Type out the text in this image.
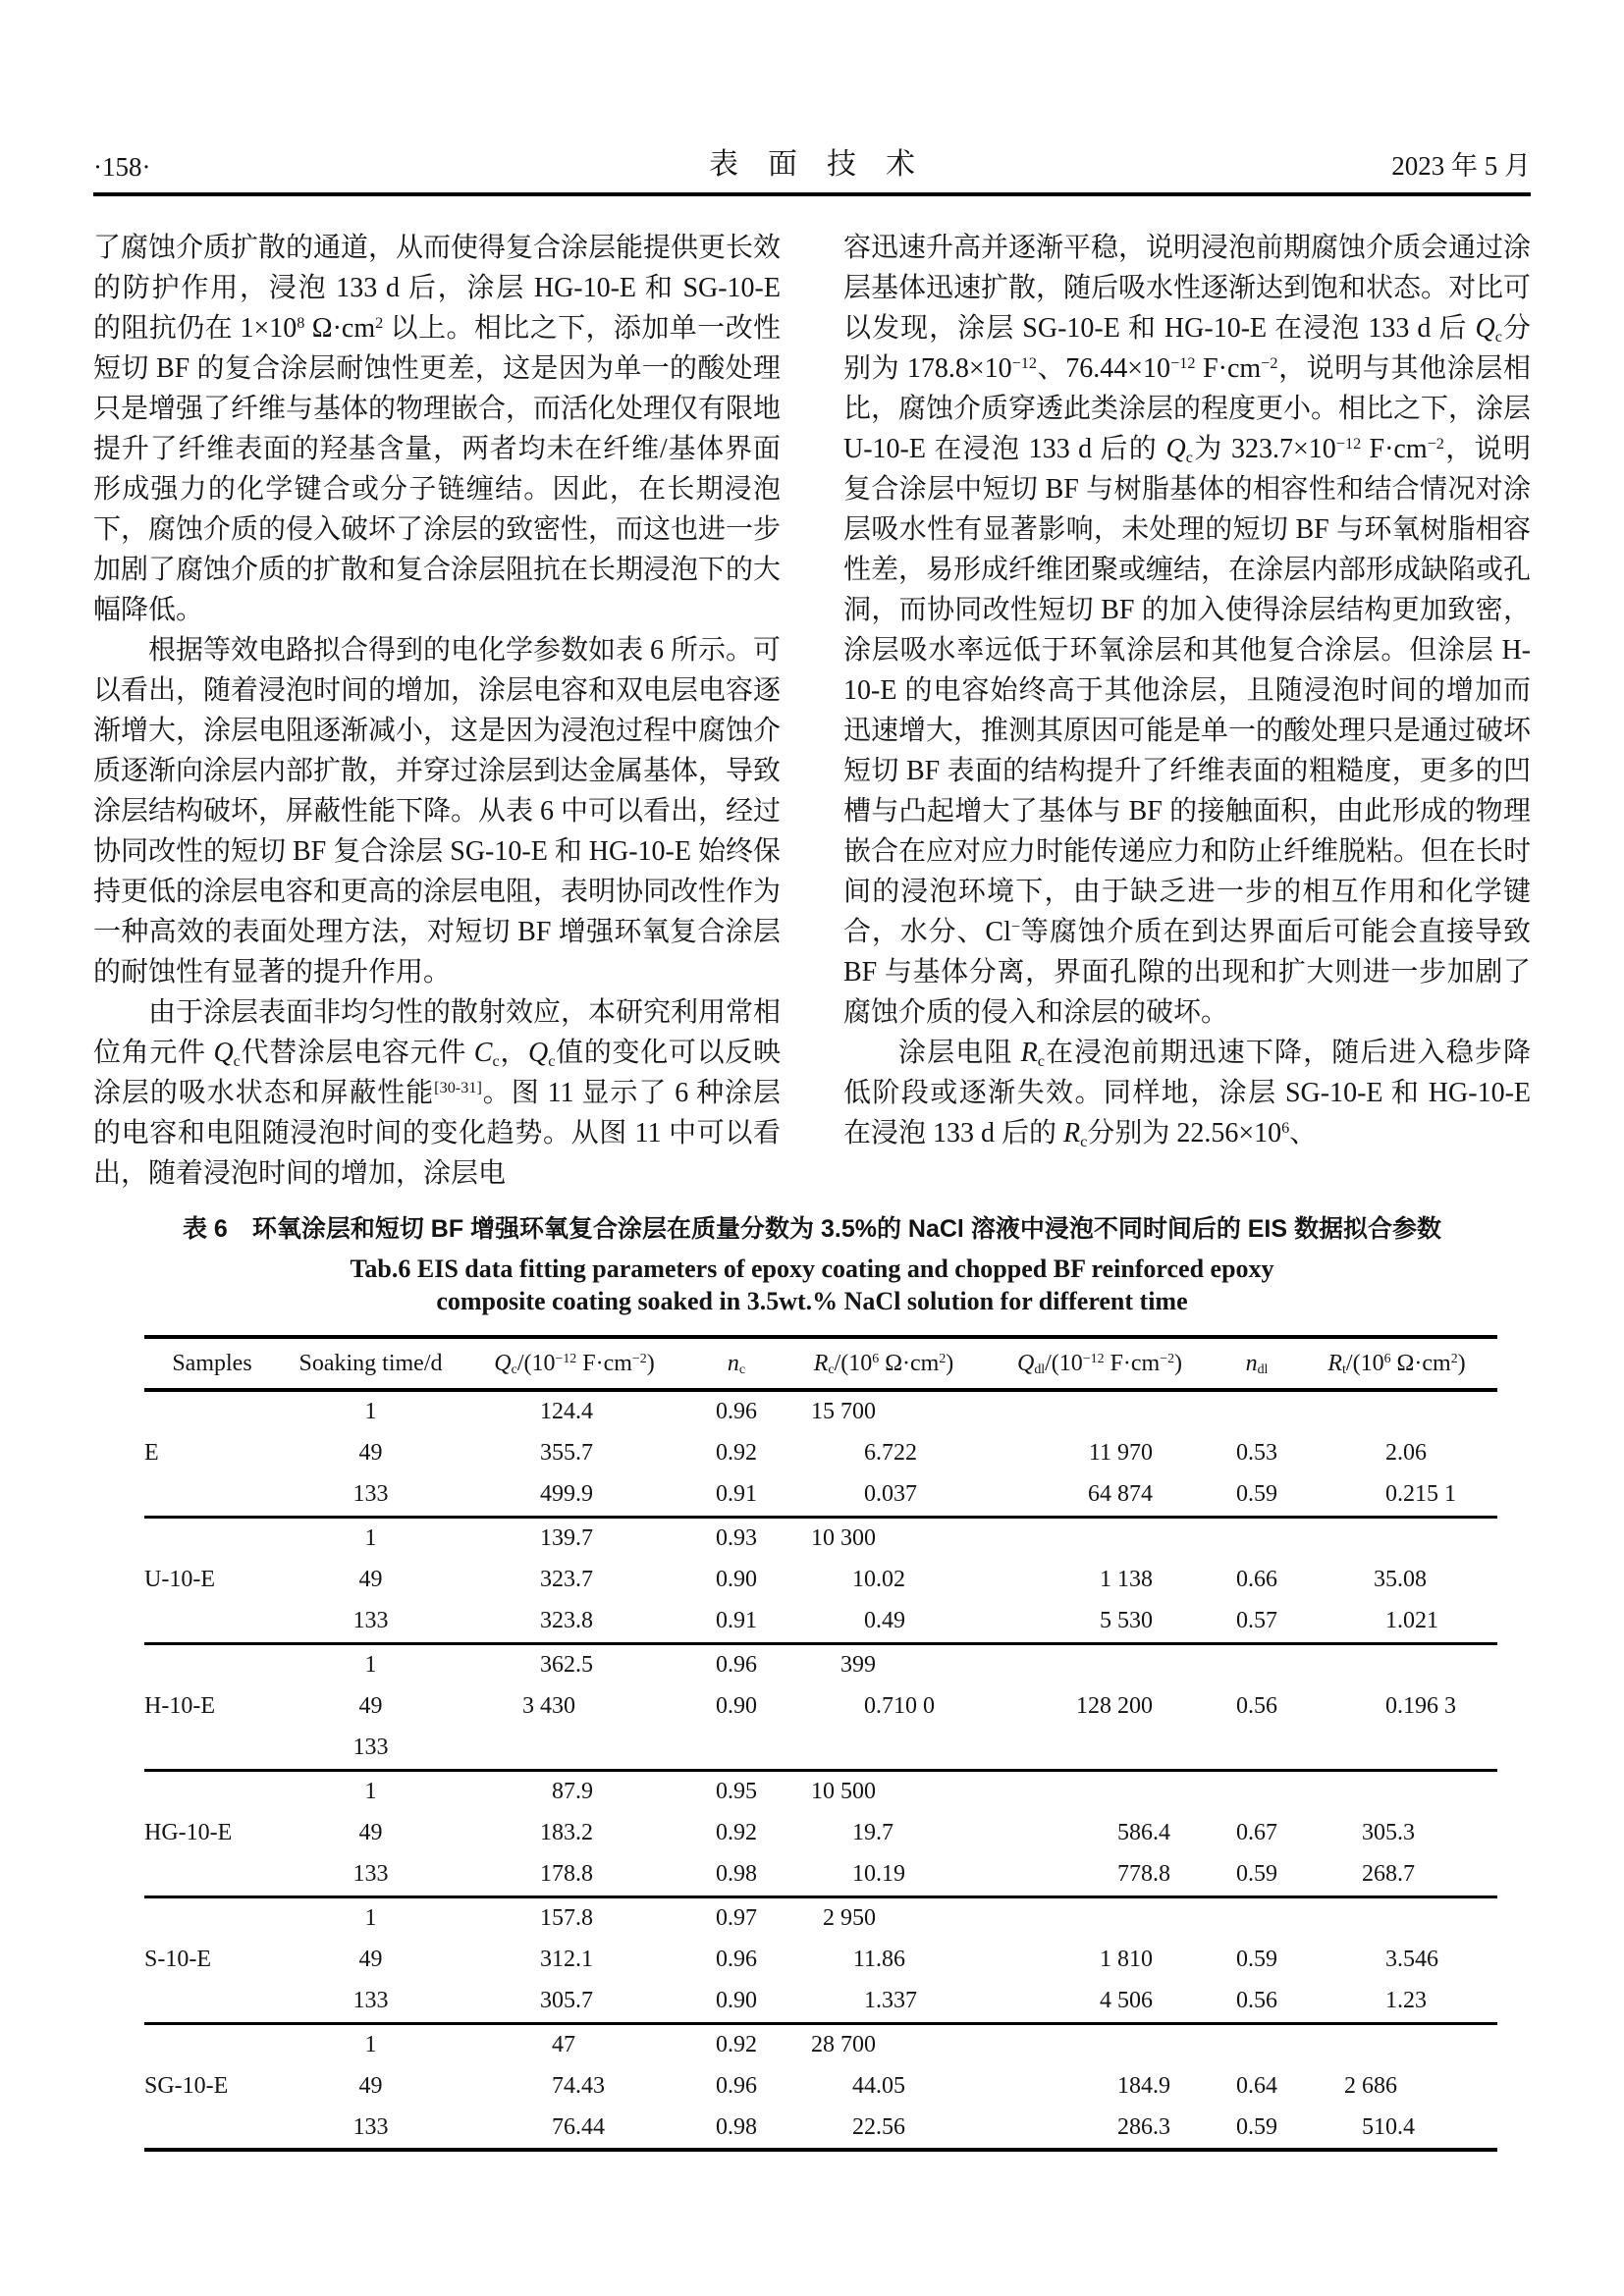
·158·	表　面　技　术	2023 年 5 月

了腐蚀介质扩散的通道，从而使得复合涂层能提供更长效的防护作用，浸泡 133 d 后，涂层 HG-10-E 和 SG-10-E 的阻抗仍在 $1\times 10^8$ $\Omega\cdot cm^2$ 以上。相比之下，添加单一改性短切 BF 的复合涂层耐蚀性更差，这是因为单一的酸处理只是增强了纤维与基体的物理嵌合，而活化处理仅有限地提升了纤维表面的羟基含量，两者均未在纤维/基体界面形成强力的化学键合或分子链缠结。因此，在长期浸泡下，腐蚀介质的侵入破坏了涂层的致密性，而这也进一步加剧了腐蚀介质的扩散和复合涂层阻抗在长期浸泡下的大幅降低。

根据等效电路拟合得到的电化学参数如表 6 所示。可以看出，随着浸泡时间的增加，涂层电容和双电层电容逐渐增大，涂层电阻逐渐减小，这是因为浸泡过程中腐蚀介质逐渐向涂层内部扩散，并穿过涂层到达金属基体，导致涂层结构破坏，屏蔽性能下降。从表 6 中可以看出，经过协同改性的短切 BF 复合涂层 SG-10-E 和 HG-10-E 始终保持更低的涂层电容和更高的涂层电阻，表明协同改性作为一种高效的表面处理方法，对短切 BF 增强环氧复合涂层的耐蚀性有显著的提升作用。

由于涂层表面非均匀性的散射效应，本研究利用常相位角元件 $Q_c$代替涂层电容元件 $C_c$，$Q_c$值的变化可以反映涂层的吸水状态和屏蔽性能[30-31]。图 11 显示了 6 种涂层的电容和电阻随浸泡时间的变化趋势。从图 11 中可以看出，随着浸泡时间的增加，涂层电

容迅速升高并逐渐平稳，说明浸泡前期腐蚀介质会通过涂层基体迅速扩散，随后吸水性逐渐达到饱和状态。对比可以发现，涂层 SG-10-E 和 HG-10-E 在浸泡 133 d 后 $Q_c$分别为 $178.8\times 10^{-12}$、$76.44\times 10^{-12}$ $F\cdot cm^{-2}$，说明与其他涂层相比，腐蚀介质穿透此类涂层的程度更小。相比之下，涂层 U-10-E 在浸泡 133 d 后的 $Q_c$为 $323.7\times 10^{-12}$ $F\cdot cm^{-2}$，说明复合涂层中短切 BF 与树脂基体的相容性和结合情况对涂层吸水性有显著影响，未处理的短切 BF 与环氧树脂相容性差，易形成纤维团聚或缠结，在涂层内部形成缺陷或孔洞，而协同改性短切 BF 的加入使得涂层结构更加致密，涂层吸水率远低于环氧涂层和其他复合涂层。但涂层 H-10-E 的电容始终高于其他涂层，且随浸泡时间的增加而迅速增大，推测其原因可能是单一的酸处理只是通过破坏短切 BF 表面的结构提升了纤维表面的粗糙度，更多的凹槽与凸起增大了基体与 BF 的接触面积，由此形成的物理嵌合在应对应力时能传递应力和防止纤维脱粘。但在长时间的浸泡环境下，由于缺乏进一步的相互作用和化学键合，水分、Cl−等腐蚀介质在到达界面后可能会直接导致 BF 与基体分离，界面孔隙的出现和扩大则进一步加剧了腐蚀介质的侵入和涂层的破坏。

涂层电阻 $R_c$在浸泡前期迅速下降，随后进入稳步降低阶段或逐渐失效。同样地，涂层 SG-10-E 和 HG-10-E 在浸泡 133 d 后的 $R_c$分别为 $22.56\times 10^6$、

表 6　环氧涂层和短切 BF 增强环氧复合涂层在质量分数为 3.5%的 NaCl 溶液中浸泡不同时间后的 EIS 数据拟合参数
Tab.6 EIS data fitting parameters of epoxy coating and chopped BF reinforced epoxy
composite coating soaked in 3.5wt.% NaCl solution for different time
Samples	Soaking time/d	$Q_c/(10^{-12}$ $F\cdot cm^{-2}$)	$n_c$	$R_c/(10^6$ $\Omega\cdot cm^2$)	$Q_{dl}/(10^{-12}$ $F\cdot cm^{-2}$)	$n_{dl}$	$R_t/(10^6$ $\Omega\cdot cm^2$)
	1	124 .4	0.96	15 700			

E	49	355 .7	0.92	6 .722	11 970	0.53	2 .06

	133	499 .9	0.91	0 .037	64 874	0.59	0 .215 1

	1	139 .7	0.93	10 300			

U-10-E	49	323 .7	0.90	10 .02	1 138	0.66	35 .08

	133	323 .8	0.91	0 .49	5 530	0.57	1 .021

	1	362 .5	0.96	399			

H-10-E	49	3 430	0.90	0 .710 0	128 200	0.56	0 .196 3

	133						
	1	87 .9	0.95	10 500			

HG-10-E	49	183 .2	0.92	19 .7	586 .4	0.67	305 .3

	133	178 .8	0.98	10 .19	778 .8	0.59	268 .7

	1	157 .8	0.97	2 950			

S-10-E	49	312 .1	0.96	11 .86	1 810	0.59	3 .546

	133	305 .7	0.90	1 .337	4 506	0.56	1 .23

	1	47	0.92	28 700			

SG-10-E	49	74 .43	0.96	44 .05	184 .9	0.64	2 686

	133	76 .44	0.98	22 .56	286 .3	0.59	510 .4
